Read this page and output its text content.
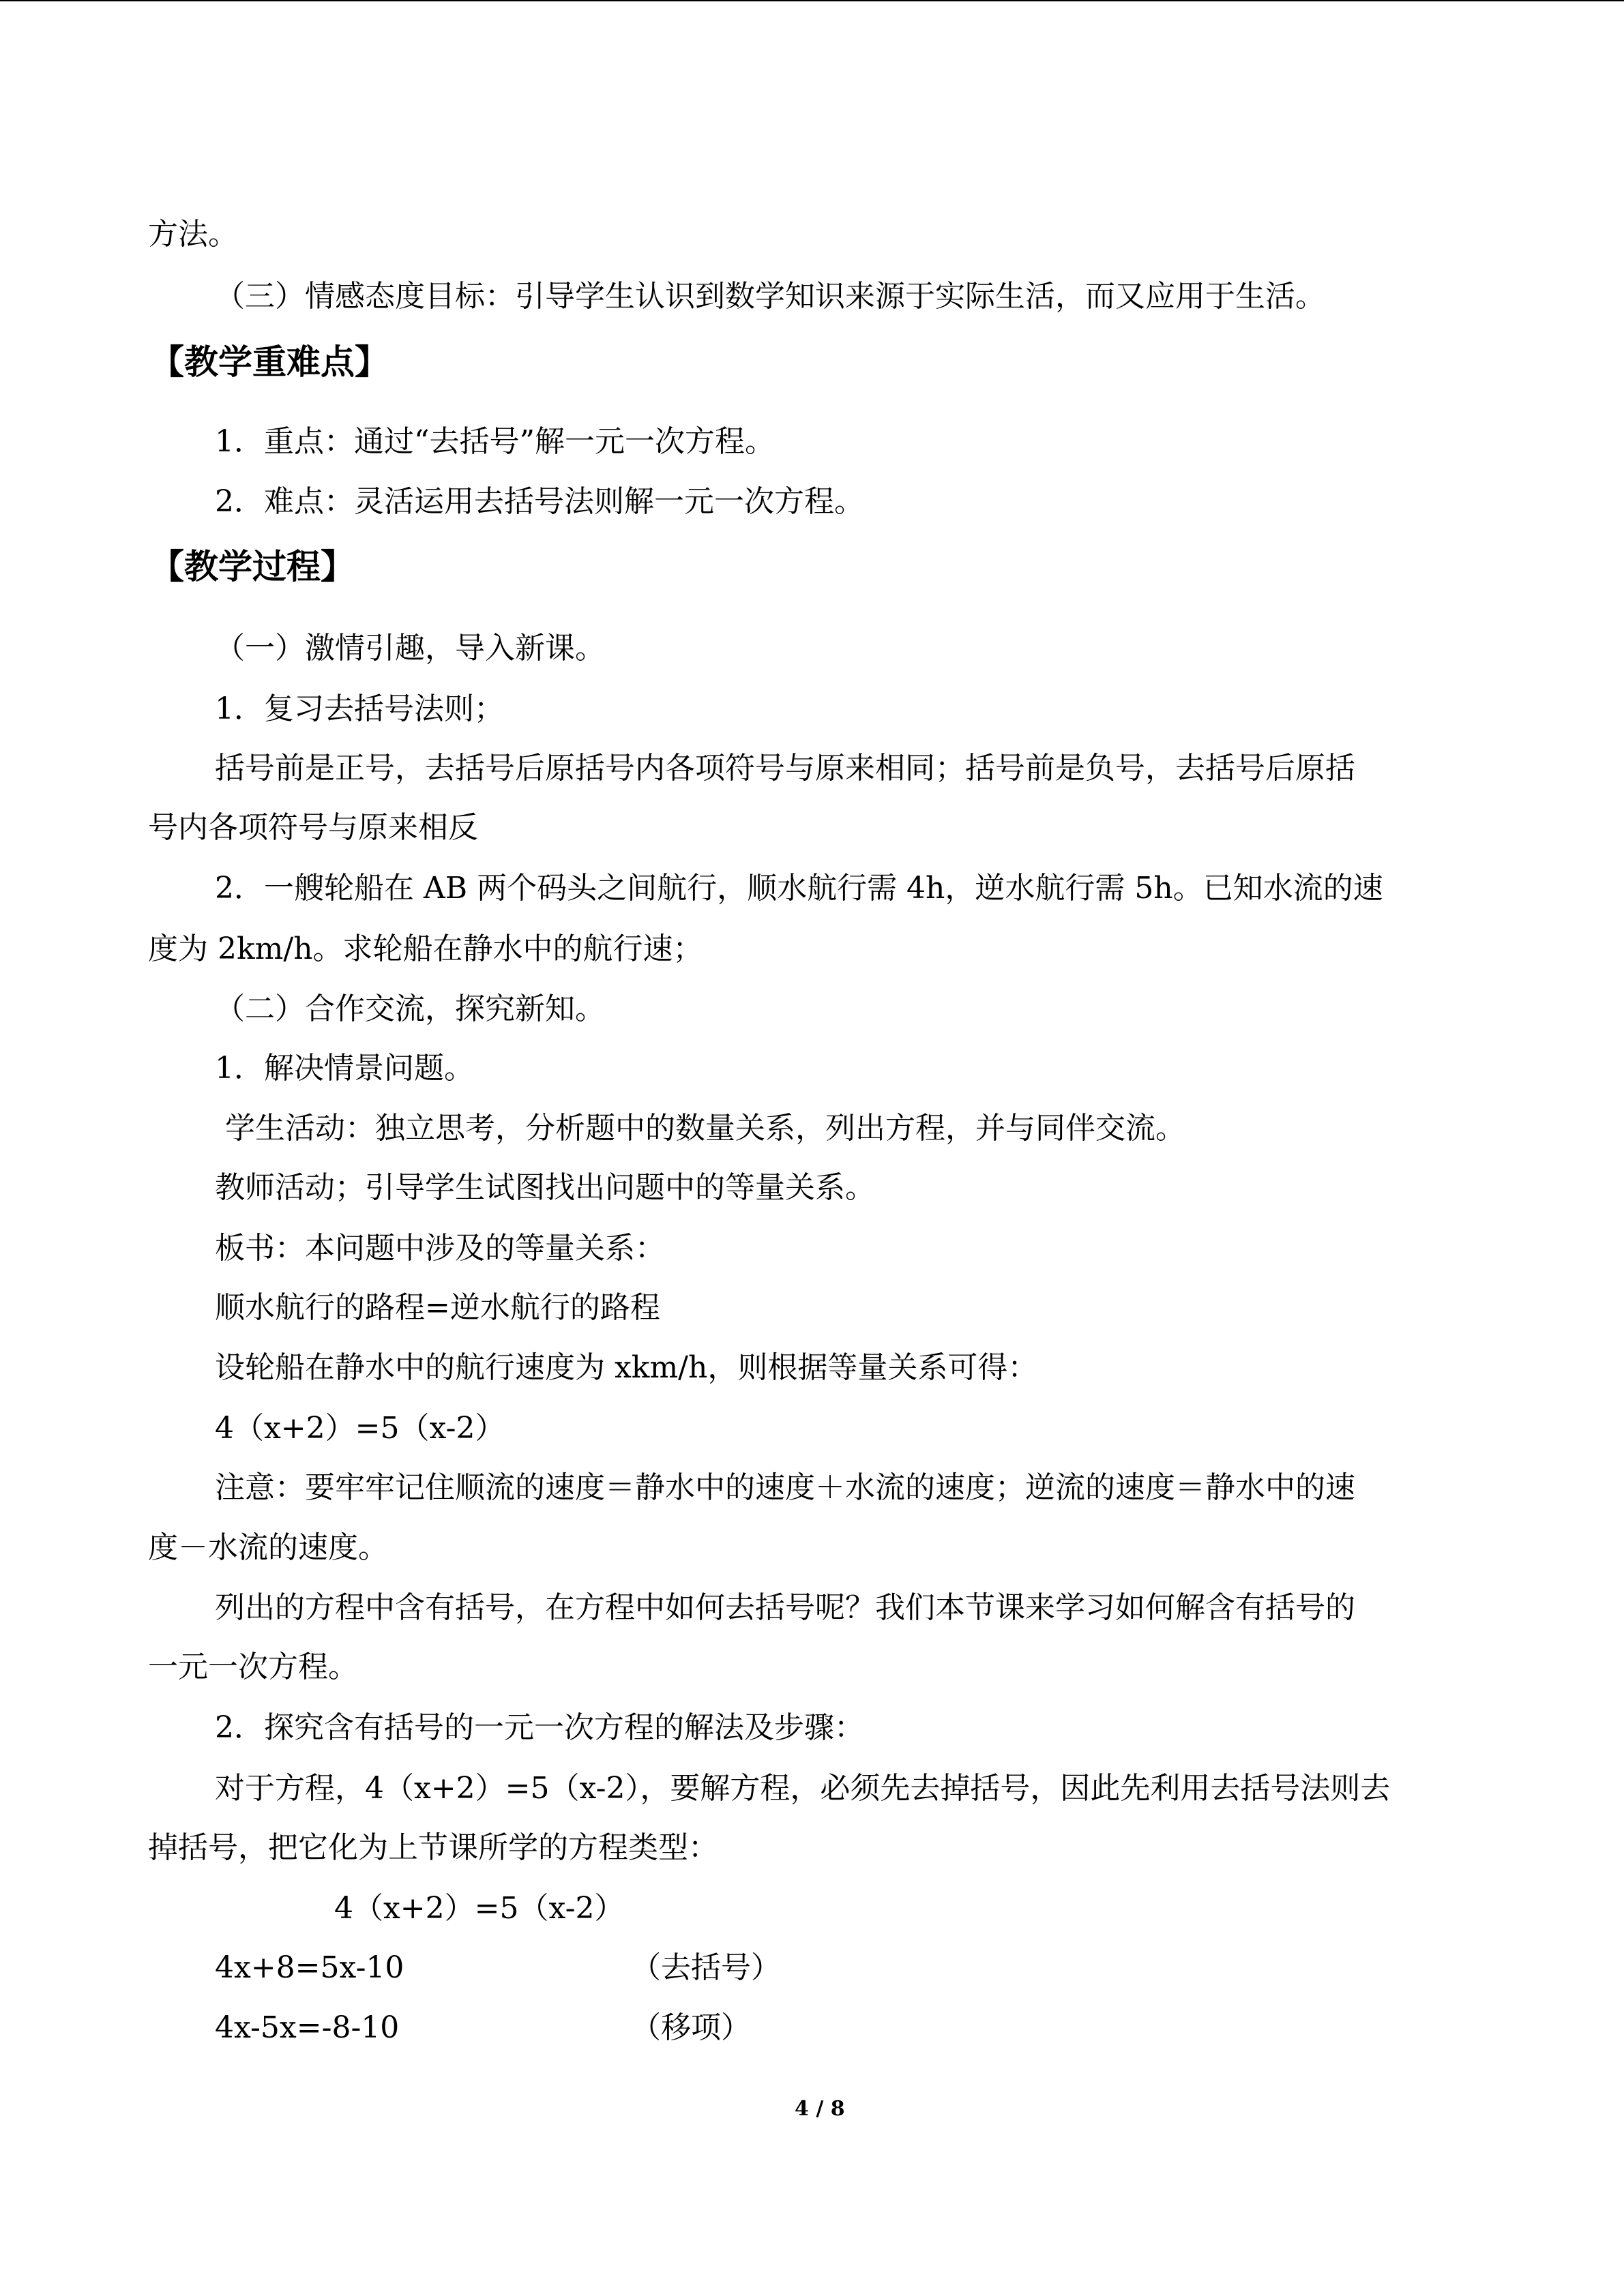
方法。
（三）情感态度目标：引导学生认识到数学知识来源于实际生活，而又应用于生活。
【教学重难点】
1．重点：通过“去括号”解一元一次方程。
2．难点：灵活运用去括号法则解一元一次方程。
【教学过程】
（一）激情引趣，导入新课。
1．复习去括号法则；
括号前是正号，去括号后原括号内各项符号与原来相同；括号前是负号，去括号后原括
号内各项符号与原来相反
2．一艘轮船在 AB 两个码头之间航行，顺水航行需 4h，逆水航行需 5h。已知水流的速
度为 2km/h。求轮船在静水中的航行速；
（二）合作交流，探究新知。
1．解决情景问题。
学生活动：独立思考，分析题中的数量关系，列出方程，并与同伴交流。
教师活动；引导学生试图找出问题中的等量关系。
板书：本问题中涉及的等量关系：
顺水航行的路程=逆水航行的路程
设轮船在静水中的航行速度为 xkm/h，则根据等量关系可得：
4（x+2）=5（x-2）
注意：要牢牢记住顺流的速度＝静水中的速度＋水流的速度；逆流的速度＝静水中的速
度－水流的速度。
列出的方程中含有括号，在方程中如何去括号呢？我们本节课来学习如何解含有括号的
一元一次方程。
2．探究含有括号的一元一次方程的解法及步骤：
对于方程，4（x+2）=5（x-2），要解方程，必须先去掉括号，因此先利用去括号法则去
掉括号，把它化为上节课所学的方程类型：
4（x+2）=5（x-2）
4x+8=5x-10	（去括号）
4x-5x=-8-10	（移项）
4 / 8
